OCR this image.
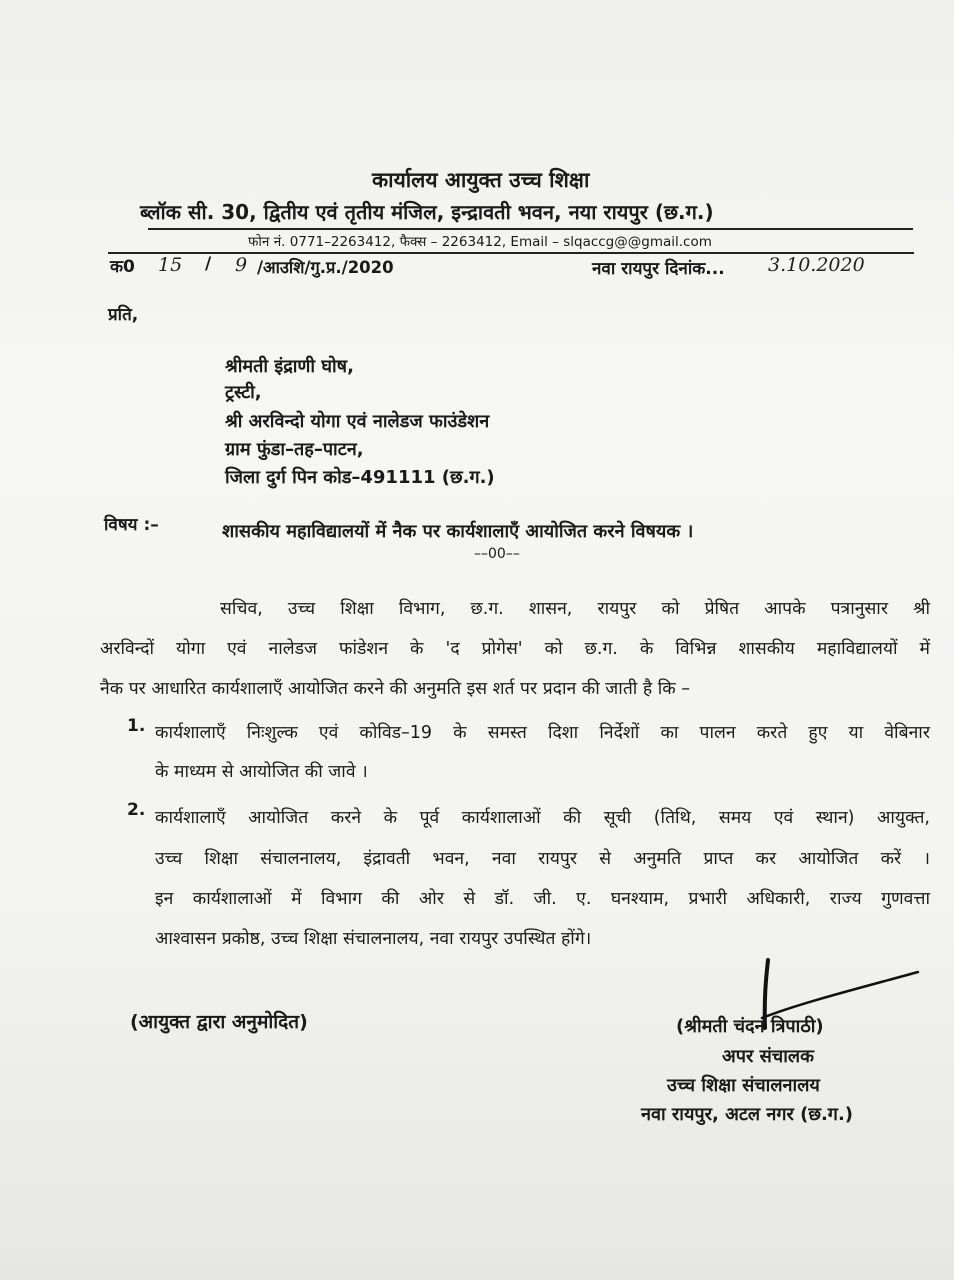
कार्यालय आयुक्त उच्च शिक्षा
ब्लॉक सी. 30, द्वितीय एवं तृतीय मंजिल, इन्द्रावती भवन, नया रायपुर (छ.ग.)
फोन नं. 0771–2263412, फैक्स – 2263412, Email – slqaccg@@gmail.com
क0 15 / 9 /आउशि/गु.प्र./2020	नवा रायपुर दिनांक... 3.10.2020
प्रति,
श्रीमती इंद्राणी घोष,
ट्रस्टी,
श्री अरविन्दो योगा एवं नालेडज फाउंडेशन
ग्राम फुंडा–तह–पाटन,
जिला दुर्ग पिन कोड–491111 (छ.ग.)
विषय :–	शासकीय महाविद्यालयों में नैक पर कार्यशालाएँ आयोजित करने विषयक ।
––00––
सचिव, उच्च शिक्षा विभाग, छ.ग. शासन, रायपुर को प्रेषित आपके पत्रानुसार श्री
अरविन्दों योगा एवं नालेडज फांडेशन के 'द प्रोगेस' को छ.ग. के विभिन्न शासकीय महाविद्यालयों में
नैक पर आधारित कार्यशालाएँ आयोजित करने की अनुमति इस शर्त पर प्रदान की जाती है कि –
1. कार्यशालाएँ निःशुल्क एवं कोविड–19 के समस्त दिशा निर्देशों का पालन करते हुए या वेबिनार
के माध्यम से आयोजित की जावे ।
2. कार्यशालाएँ आयोजित करने के पूर्व कार्यशालाओं की सूची (तिथि, समय एवं स्थान) आयुक्त,
उच्च शिक्षा संचालनालय, इंद्रावती भवन, नवा रायपुर से अनुमति प्राप्त कर आयोजित करें ।
इन कार्यशालाओं में विभाग की ओर से डॉ. जी. ए. घनश्याम, प्रभारी अधिकारी, राज्य गुणवत्ता
आश्वासन प्रकोष्ठ, उच्च शिक्षा संचालनालय, नवा रायपुर उपस्थित होंगे।
(आयुक्त द्वारा अनुमोदित)	(श्रीमती चंदन त्रिपाठी)
अपर संचालक
उच्च शिक्षा संचालनालय
नवा रायपुर, अटल नगर (छ.ग.)
